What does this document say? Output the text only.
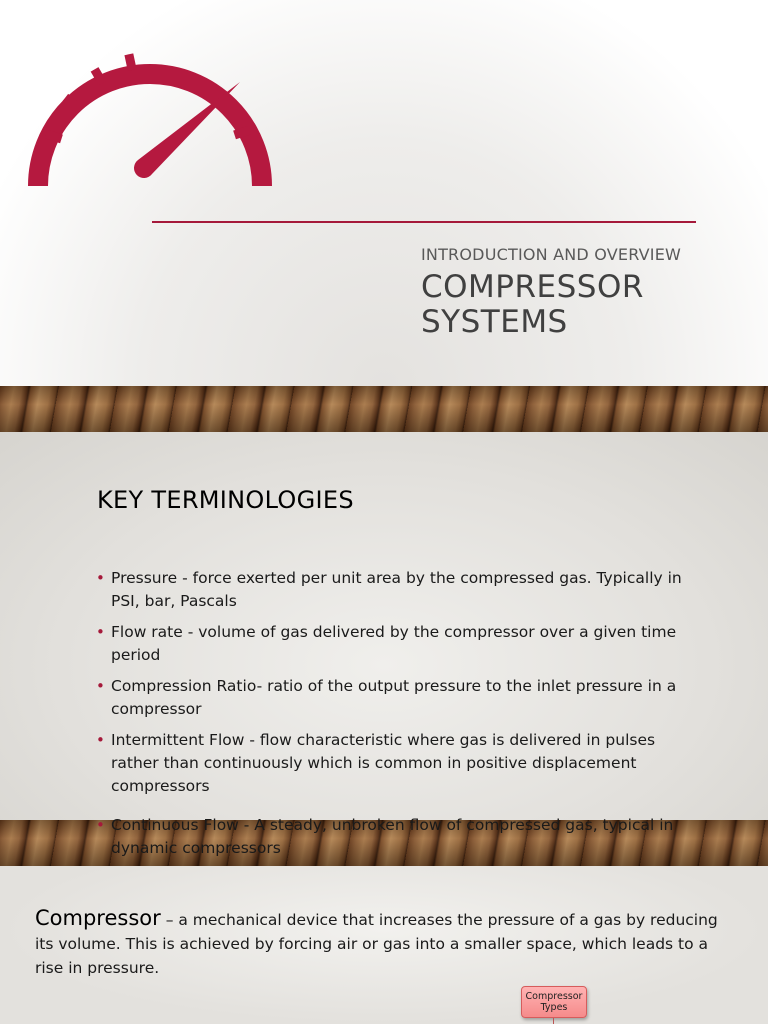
INTRODUCTION AND OVERVIEW
COMPRESSOR
SYSTEMS
KEY TERMINOLOGIES
• Pressure - force exerted per unit area by the compressed gas. Typically in PSI, bar, Pascals
• Flow rate - volume of gas delivered by the compressor over a given time period
• Compression Ratio- ratio of the output pressure to the inlet pressure in a compressor
• Intermittent Flow - flow characteristic where gas is delivered in pulses rather than continuously which is common in positive displacement compressors
• Continuous Flow - A steady, unbroken flow of compressed gas, typical in dynamic compressors
Compressor – a mechanical device that increases the pressure of a gas by reducing its volume. This is achieved by forcing air or gas into a smaller space, which leads to a rise in pressure.
Compressor Types
